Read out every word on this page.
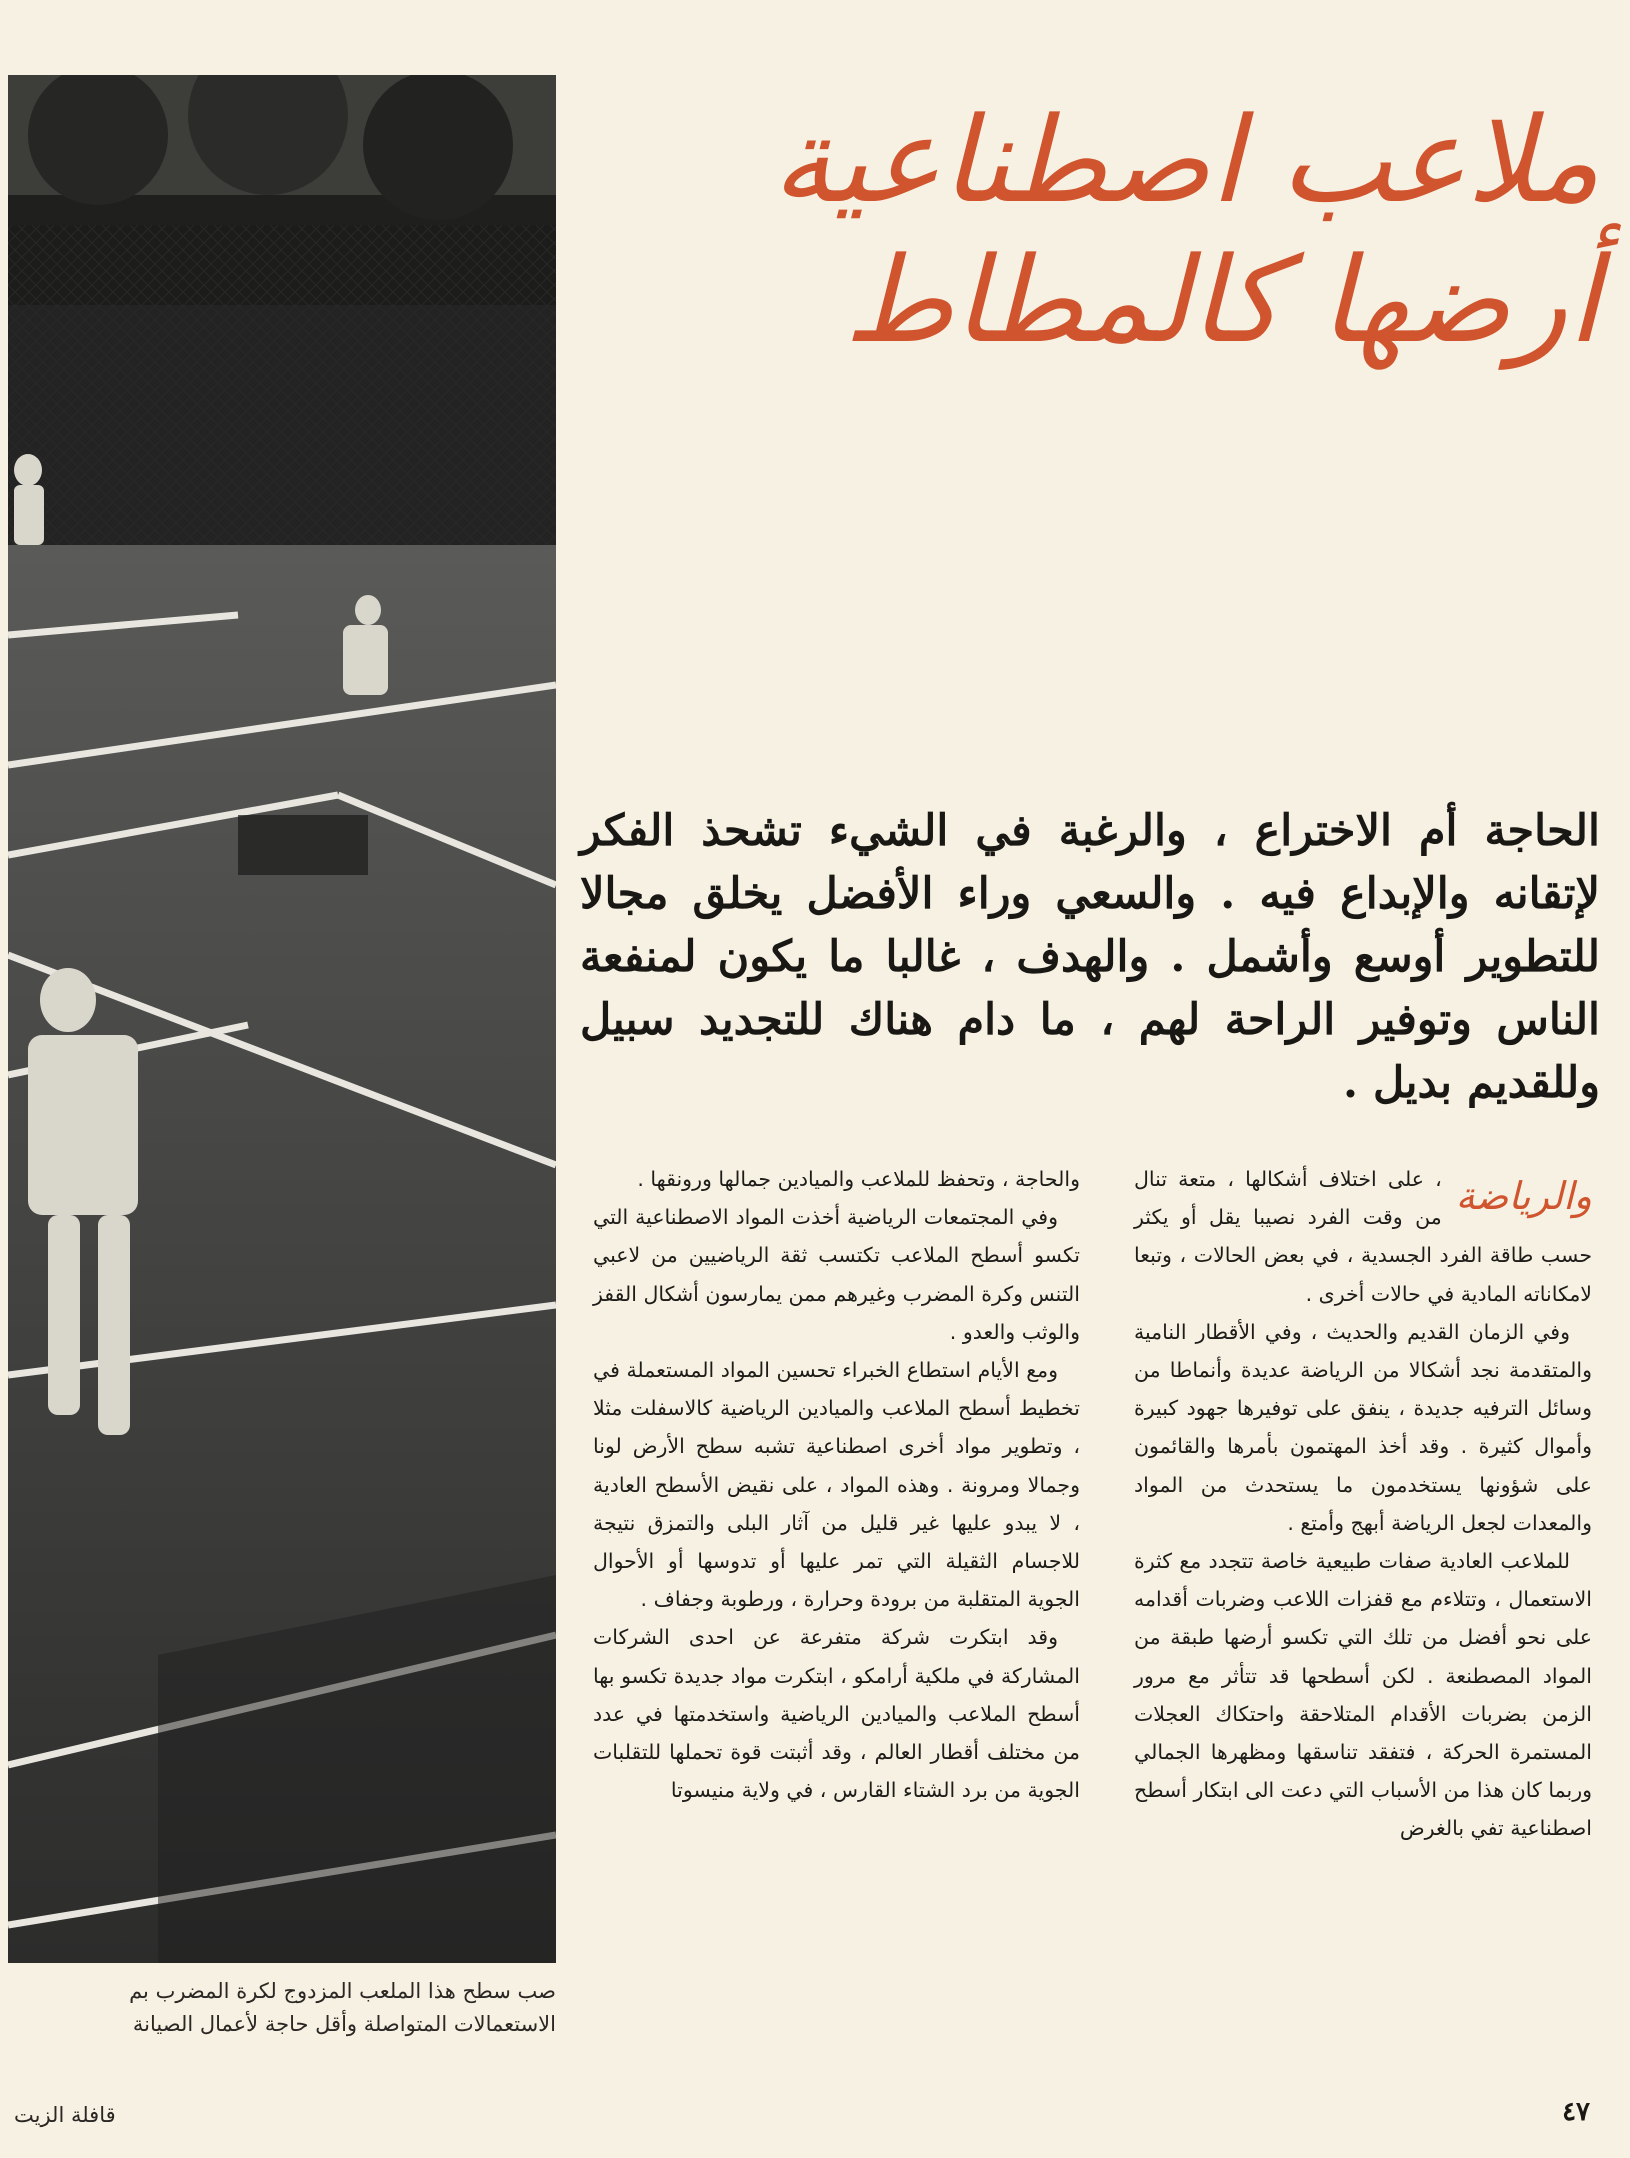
صب سطح هذا الملعب المزدوج لكرة المضرب بم
الاستعمالات المتواصلة وأقل حاجة لأعمال الصيانة
ملاعب اصطناعية
أرضها كالمطاط
الحاجة أم الاختراع ، والرغبة في الشيء تشحذ الفكر لإتقانه والإبداع فيه . والسعي وراء الأفضل يخلق مجالا للتطوير أوسع وأشمل . والهدف ، غالبا ما يكون لمنفعة الناس وتوفير الراحة لهم ، ما دام هناك للتجديد سبيل وللقديم بديل .
والرياضة

، على اختلاف أشكالها ، متعة تنال من وقت الفرد نصيبا يقل أو يكثر حسب طاقة الفرد الجسدية ، في بعض الحالات ، وتبعا لامكاناته المادية في حالات أخرى .

وفي الزمان القديم والحديث ، وفي الأقطار النامية والمتقدمة نجد أشكالا من الرياضة عديدة وأنماطا من وسائل الترفيه جديدة ، ينفق على توفيرها جهود كبيرة وأموال كثيرة . وقد أخذ المهتمون بأمرها والقائمون على شؤونها يستخدمون ما يستحدث من المواد والمعدات لجعل الرياضة أبهج وأمتع .

للملاعب العادية صفات طبيعية خاصة تتجدد مع كثرة الاستعمال ، وتتلاءم مع قفزات اللاعب وضربات أقدامه على نحو أفضل من تلك التي تكسو أرضها طبقة من المواد المصطنعة . لكن أسطحها قد تتأثر مع مرور الزمن بضربات الأقدام المتلاحقة واحتكاك العجلات المستمرة الحركة ، فتفقد تناسقها ومظهرها الجمالي وربما كان هذا من الأسباب التي دعت الى ابتكار أسطح اصطناعية تفي بالغرض

والحاجة ، وتحفظ للملاعب والميادين جمالها ورونقها .

وفي المجتمعات الرياضية أخذت المواد الاصطناعية التي تكسو أسطح الملاعب تكتسب ثقة الرياضيين من لاعبي التنس وكرة المضرب وغيرهم ممن يمارسون أشكال القفز والوثب والعدو .

ومع الأيام استطاع الخبراء تحسين المواد المستعملة في تخطيط أسطح الملاعب والميادين الرياضية كالاسفلت مثلا ، وتطوير مواد أخرى اصطناعية تشبه سطح الأرض لونا وجمالا ومرونة . وهذه المواد ، على نقيض الأسطح العادية ، لا يبدو عليها غير قليل من آثار البلى والتمزق نتيجة للاجسام الثقيلة التي تمر عليها أو تدوسها أو الأحوال الجوية المتقلبة من برودة وحرارة ، ورطوبة وجفاف .

وقد ابتكرت شركة متفرعة عن احدى الشركات المشاركة في ملكية أرامكو ، ابتكرت مواد جديدة تكسو بها أسطح الملاعب والميادين الرياضية واستخدمتها في عدد من مختلف أقطار العالم ، وقد أثبتت قوة تحملها للتقلبات الجوية من برد الشتاء القارس ، في ولاية منيسوتا

قافلة الزيت	٤٧
